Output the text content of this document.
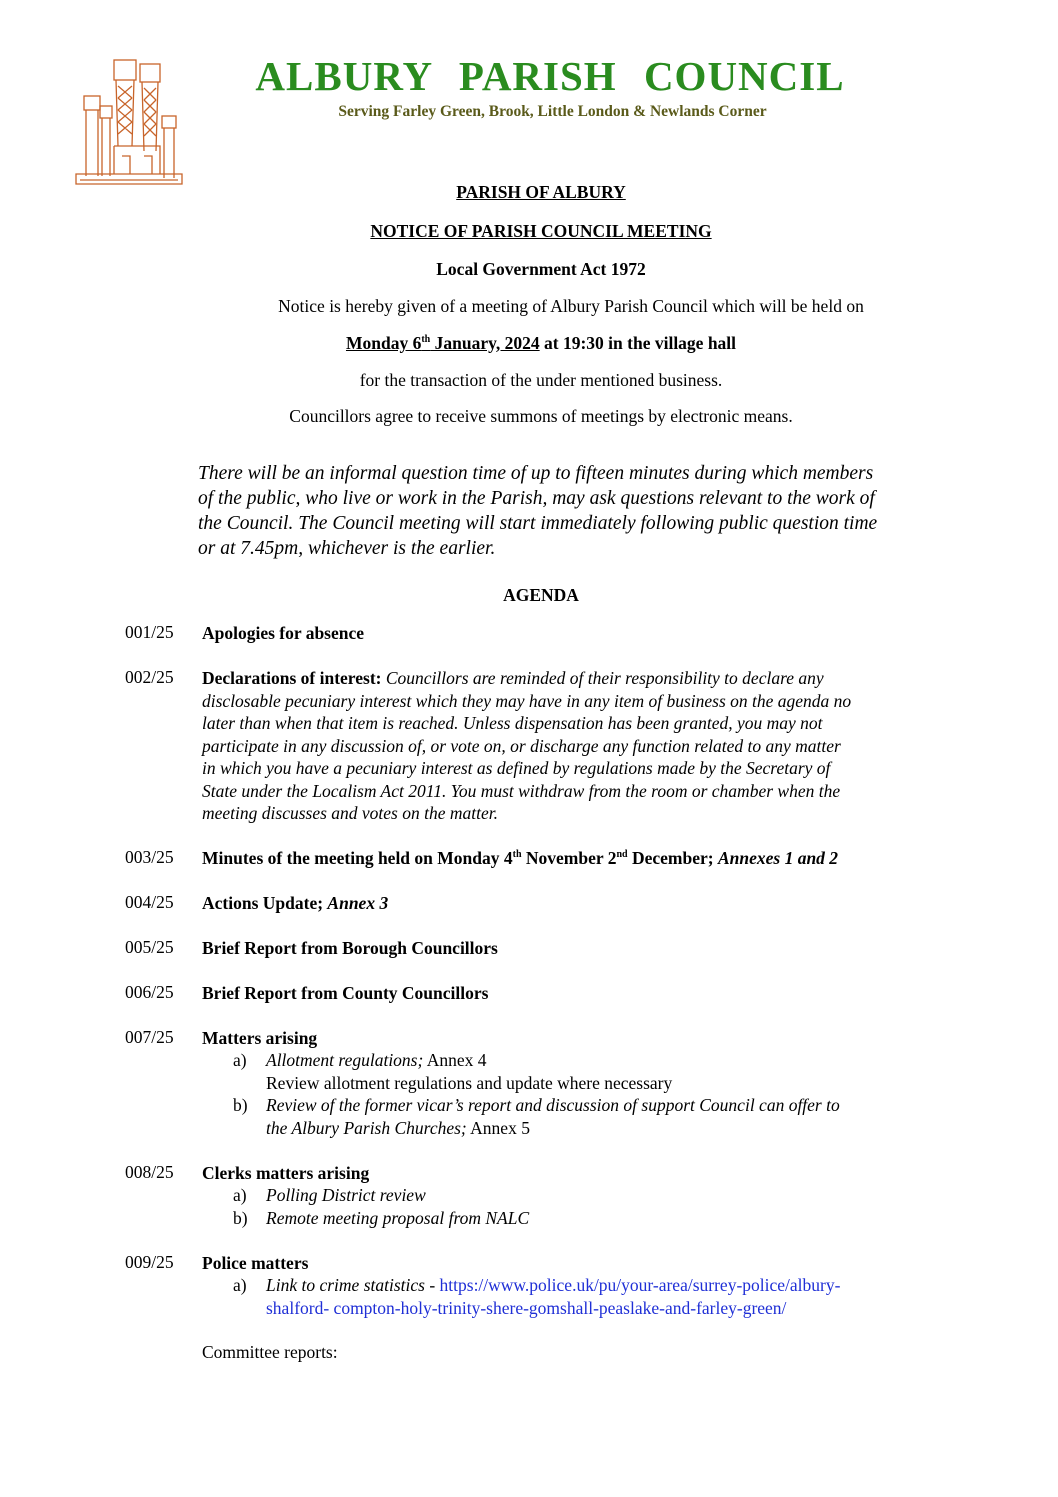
ALBURY PARISH COUNCIL
Serving Farley Green, Brook, Little London & Newlands Corner
PARISH OF ALBURY
NOTICE OF PARISH COUNCIL MEETING
Local Government Act 1972
Notice is hereby given of a meeting of Albury Parish Council which will be held on
Monday 6th January, 2024 at 19:30 in the village hall
for the transaction of the under mentioned business.
Councillors agree to receive summons of meetings by electronic means.
There will be an informal question time of up to fifteen minutes during which members
of the public, who live or work in the Parish, may ask questions relevant to the work of
the Council. The Council meeting will start immediately following public question time
or at 7.45pm, whichever is the earlier.
AGENDA
001/25 Apologies for absence
002/25 Declarations of interest: Councillors are reminded of their responsibility to declare any
disclosable pecuniary interest which they may have in any item of business on the agenda no
later than when that item is reached. Unless dispensation has been granted, you may not
participate in any discussion of, or vote on, or discharge any function related to any matter
in which you have a pecuniary interest as defined by regulations made by the Secretary of
State under the Localism Act 2011. You must withdraw from the room or chamber when the
meeting discusses and votes on the matter.
003/25 Minutes of the meeting held on Monday 4th November 2nd December; Annexes 1 and 2
004/25 Actions Update; Annex 3
005/25 Brief Report from Borough Councillors
006/25 Brief Report from County Councillors
007/25 Matters arising
a) Allotment regulations; Annex 4
Review allotment regulations and update where necessary
b) Review of the former vicar’s report and discussion of support Council can offer to
the Albury Parish Churches; Annex 5
008/25 Clerks matters arising
a) Polling District review
b) Remote meeting proposal from NALC
009/25 Police matters
a) Link to crime statistics - https://www.police.uk/pu/your-area/surrey-police/albury-
shalford- compton-holy-trinity-shere-gomshall-peaslake-and-farley-green/
Committee reports:
